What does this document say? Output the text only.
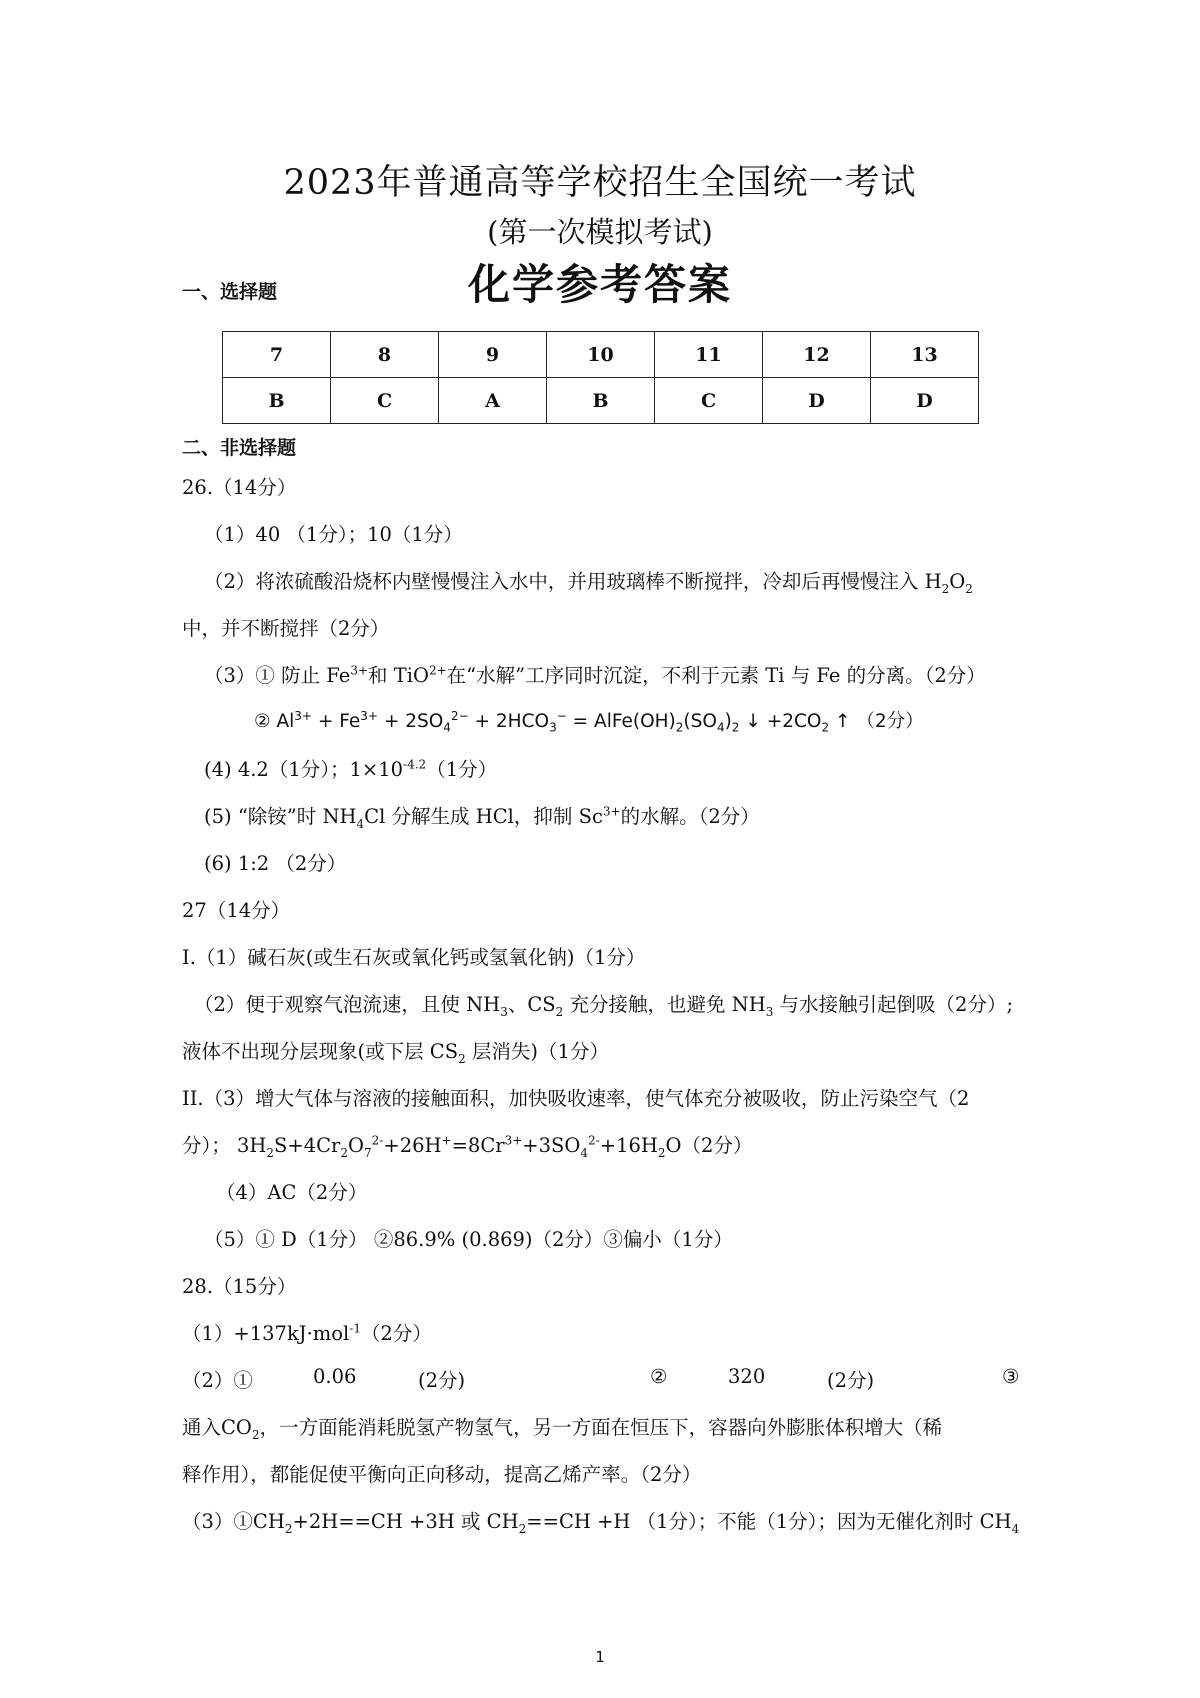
2023年普通高等学校招生全国统一考试
(第一次模拟考试)
化学参考答案
一、选择题
7	8	9	10	11	12	13
B	C	A	B	C	D	D
二、非选择题
26.（14分）
（1）40 （1分）；10（1分）
（2）将浓硫酸沿烧杯内壁慢慢注入水中，并用玻璃棒不断搅拌，冷却后再慢慢注入 $H_2O_2$
中，并不断搅拌（2分）
（3）① 防止 $Fe^{3+}$和 TiO$^{2+}$在“水解”工序同时沉淀，不利于元素 Ti 与 Fe 的分离。（2分）
② $Al^{3+} + Fe^{3+} + 2SO_4^{2-} + 2HCO_3^-$ = $AlFe(OH)_2(SO_4)_2$ ↓ $+2CO_2$ ↑ （2分）
(4) 4.2（1分）；$1\times 10^{-4.2}(1$分）
(5) “除铵”时 $NH_4Cl$ 分解生成 HCl，抑制 $Sc^{3+}$的水解。（2分）
(6) 1:2 （2分）
27（14分）
I.（1）碱石灰(或生石灰或氧化钙或氢氧化钠)（1分）
（2）便于观察气泡流速，且使 $NH_3$、$CS_2$ 充分接触，也避免 $NH_3$ 与水接触引起倒吸（2分）;
液体不出现分层现象(或下层 $CS_2$ 层消失)（1分）
II.（3）增大气体与溶液的接触面积，加快吸收速率，使气体充分被吸收，防止污染空气（2
分）； $3H_2S+4Cr_2O_7^{2-}+26H^+=8Cr^{3+}+3SO_4^{2-}+16H_2O(2$分）
（4）AC（2分）
（5）① D（1分） ②86.9% (0.869)（2分）③偏小（1分）
28.（15分）
（1）+137kJ·mol$^{-1}$（2分）
（2）①	0.06	(2分)	②	320	(2分)	③
通入$CO_2$，一方面能消耗脱氢产物氢气，另一方面在恒压下，容器向外膨胀体积增大（稀
释作用），都能促使平衡向正向移动，提高乙烯产率。（2分）
$(3)①CH_2+2H==CH +3H$ 或 $CH_2==CH +H$ （1分）；不能（1分）；因为无催化剂时 $CH_4$
1
